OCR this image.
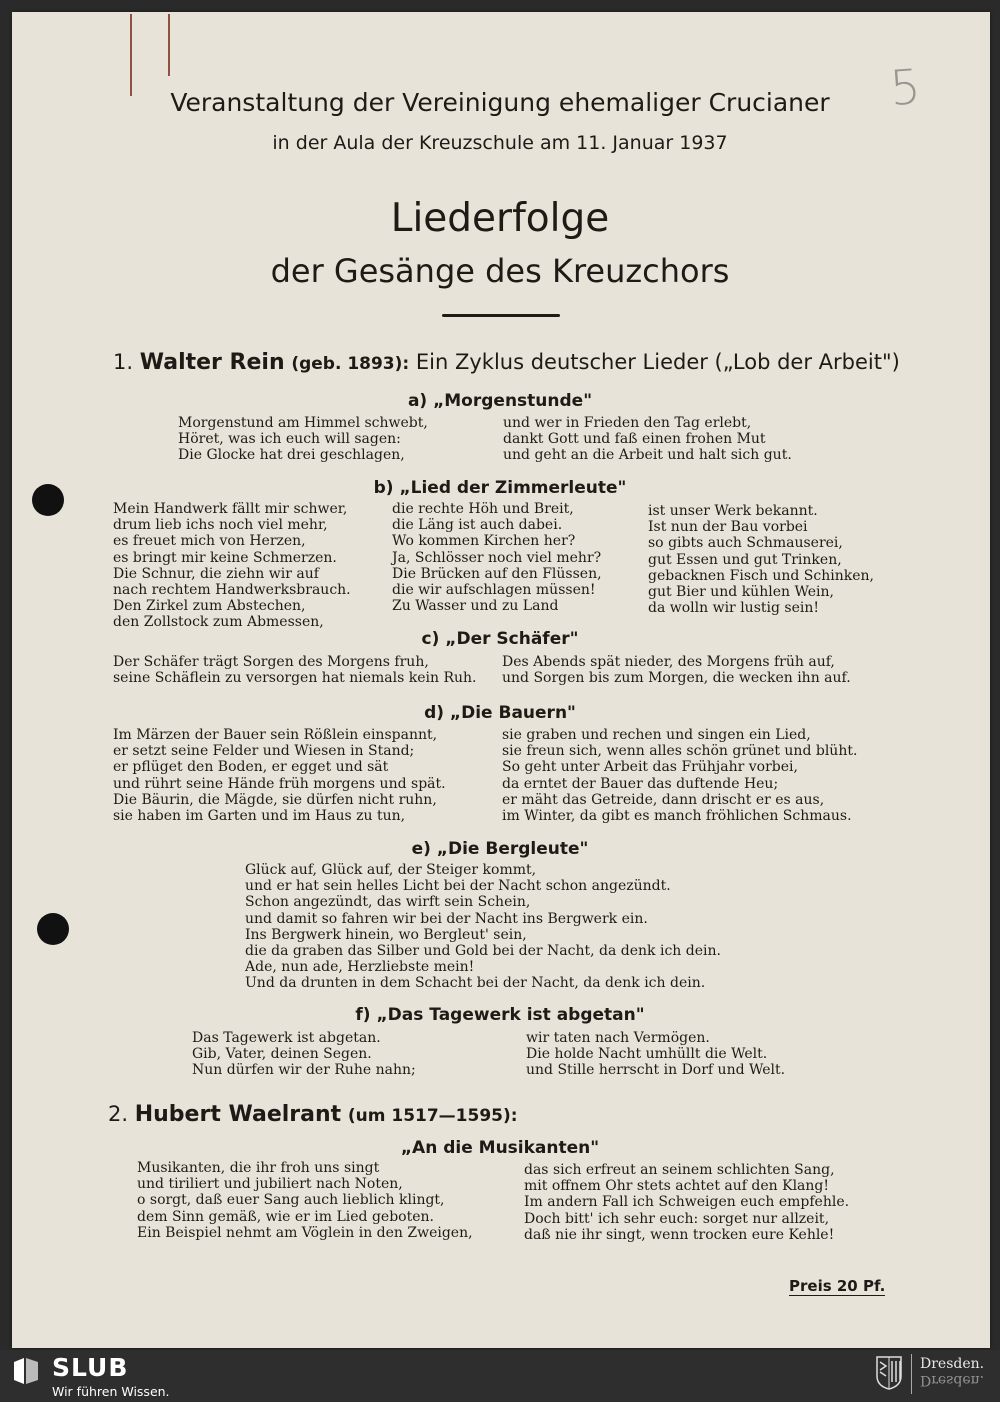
5
Veranstaltung der Vereinigung ehemaliger Crucianer
in der Aula der Kreuzschule am 11. Januar 1937
Liederfolge
der Gesänge des Kreuzchors
1. Walter Rein (geb. 1893): Ein Zyklus deutscher Lieder („Lob der Arbeit")
a) „Morgenstunde"
Morgenstund am Himmel schwebt,
Höret, was ich euch will sagen:
Die Glocke hat drei geschlagen,
und wer in Frieden den Tag erlebt,
dankt Gott und faß einen frohen Mut
und geht an die Arbeit und halt sich gut.
b) „Lied der Zimmerleute"
Mein Handwerk fällt mir schwer,
drum lieb ichs noch viel mehr,
es freuet mich von Herzen,
es bringt mir keine Schmerzen.
Die Schnur, die ziehn wir auf
nach rechtem Handwerksbrauch.
Den Zirkel zum Abstechen,
den Zollstock zum Abmessen,
die rechte Höh und Breit,
die Läng ist auch dabei.
Wo kommen Kirchen her?
Ja, Schlösser noch viel mehr?
Die Brücken auf den Flüssen,
die wir aufschlagen müssen!
Zu Wasser und zu Land
ist unser Werk bekannt.
Ist nun der Bau vorbei
so gibts auch Schmauserei,
gut Essen und gut Trinken,
gebacknen Fisch und Schinken,
gut Bier und kühlen Wein,
da wolln wir lustig sein!
c) „Der Schäfer"
Der Schäfer trägt Sorgen des Morgens fruh,
seine Schäflein zu versorgen hat niemals kein Ruh.
Des Abends spät nieder, des Morgens früh auf,
und Sorgen bis zum Morgen, die wecken ihn auf.
d) „Die Bauern"
Im Märzen der Bauer sein Rößlein einspannt,
er setzt seine Felder und Wiesen in Stand;
er pflüget den Boden, er egget und sät
und rührt seine Hände früh morgens und spät.
Die Bäurin, die Mägde, sie dürfen nicht ruhn,
sie haben im Garten und im Haus zu tun,
sie graben und rechen und singen ein Lied,
sie freun sich, wenn alles schön grünet und blüht.
So geht unter Arbeit das Frühjahr vorbei,
da erntet der Bauer das duftende Heu;
er mäht das Getreide, dann drischt er es aus,
im Winter, da gibt es manch fröhlichen Schmaus.
e) „Die Bergleute"
Glück auf, Glück auf, der Steiger kommt,
und er hat sein helles Licht bei der Nacht schon angezündt.
Schon angezündt, das wirft sein Schein,
und damit so fahren wir bei der Nacht ins Bergwerk ein.
Ins Bergwerk hinein, wo Bergleut' sein,
die da graben das Silber und Gold bei der Nacht, da denk ich dein.
Ade, nun ade, Herzliebste mein!
Und da drunten in dem Schacht bei der Nacht, da denk ich dein.
f) „Das Tagewerk ist abgetan"
Das Tagewerk ist abgetan.
Gib, Vater, deinen Segen.
Nun dürfen wir der Ruhe nahn;
wir taten nach Vermögen.
Die holde Nacht umhüllt die Welt.
und Stille herrscht in Dorf und Welt.
2. Hubert Waelrant (um 1517—1595):
„An die Musikanten"
Musikanten, die ihr froh uns singt
und tiriliert und jubiliert nach Noten,
o sorgt, daß euer Sang auch lieblich klingt,
dem Sinn gemäß, wie er im Lied geboten.
Ein Beispiel nehmt am Vöglein in den Zweigen,
das sich erfreut an seinem schlichten Sang,
mit offnem Ohr stets achtet auf den Klang!
Im andern Fall ich Schweigen euch empfehle.
Doch bitt' ich sehr euch: sorget nur allzeit,
daß nie ihr singt, wenn trocken eure Kehle!
Preis 20 Pf.
SLUB
Wir führen Wissen.
Dresden.
Dresden.
